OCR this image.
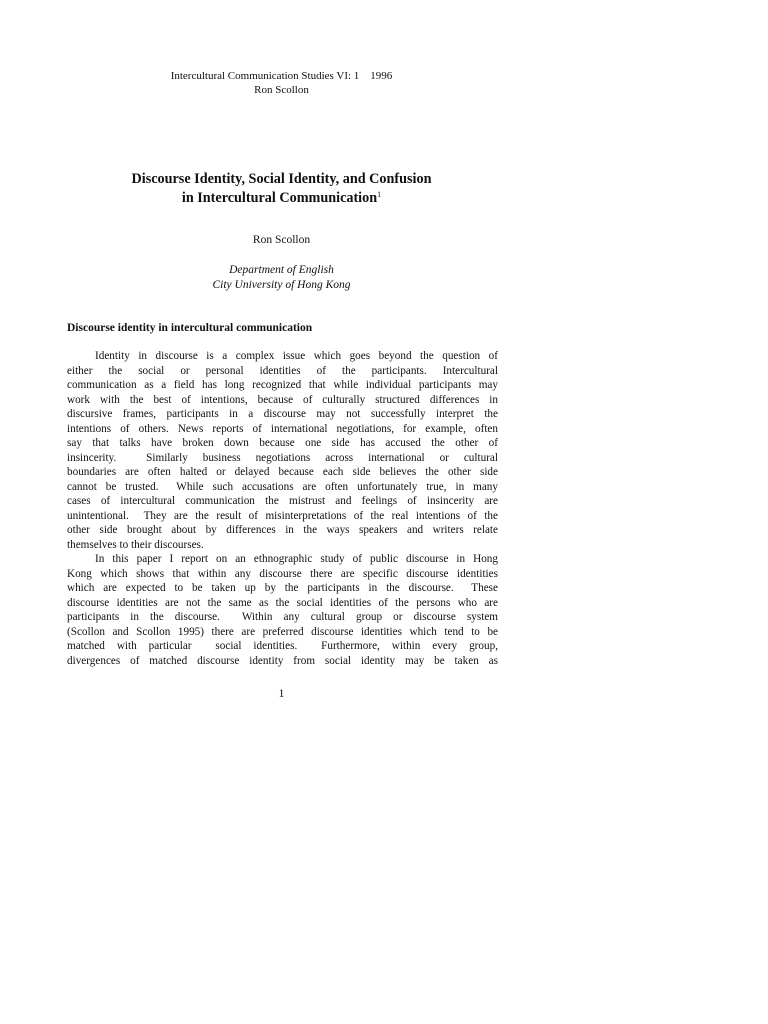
Intercultural Communication Studies VI: 1    1996
Ron Scollon
Discourse Identity, Social Identity, and Confusion
in Intercultural Communication$^1$
Ron Scollon
Department of English
City University of Hong Kong
Discourse identity in intercultural communication
Identity in discourse is a complex issue which goes beyond the question of
either the social or personal identities of the participants. Intercultural
communication as a field has long recognized that while individual participants may
work with the best of intentions, because of culturally structured differences in
discursive frames, participants in a discourse may not successfully interpret the
intentions of others. News reports of international negotiations, for example, often
say that talks have broken down because one side has accused the other of
insincerity.  Similarly business negotiations across international or cultural
boundaries are often halted or delayed because each side believes the other side
cannot be trusted.  While such accusations are often unfortunately true, in many
cases of intercultural communication the mistrust and feelings of insincerity are
unintentional.  They are the result of misinterpretations of the real intentions of the
other side brought about by differences in the ways speakers and writers relate
themselves to their discourses.
In this paper I report on an ethnographic study of public discourse in Hong
Kong which shows that within any discourse there are specific discourse identities
which are expected to be taken up by the participants in the discourse.  These
discourse identities are not the same as the social identities of the persons who are
participants in the discourse.  Within any cultural group or discourse system
(Scollon and Scollon 1995) there are preferred discourse identities which tend to be
matched with particular  social identities.  Furthermore, within every group,
divergences of matched discourse identity from social identity may be taken as
1
